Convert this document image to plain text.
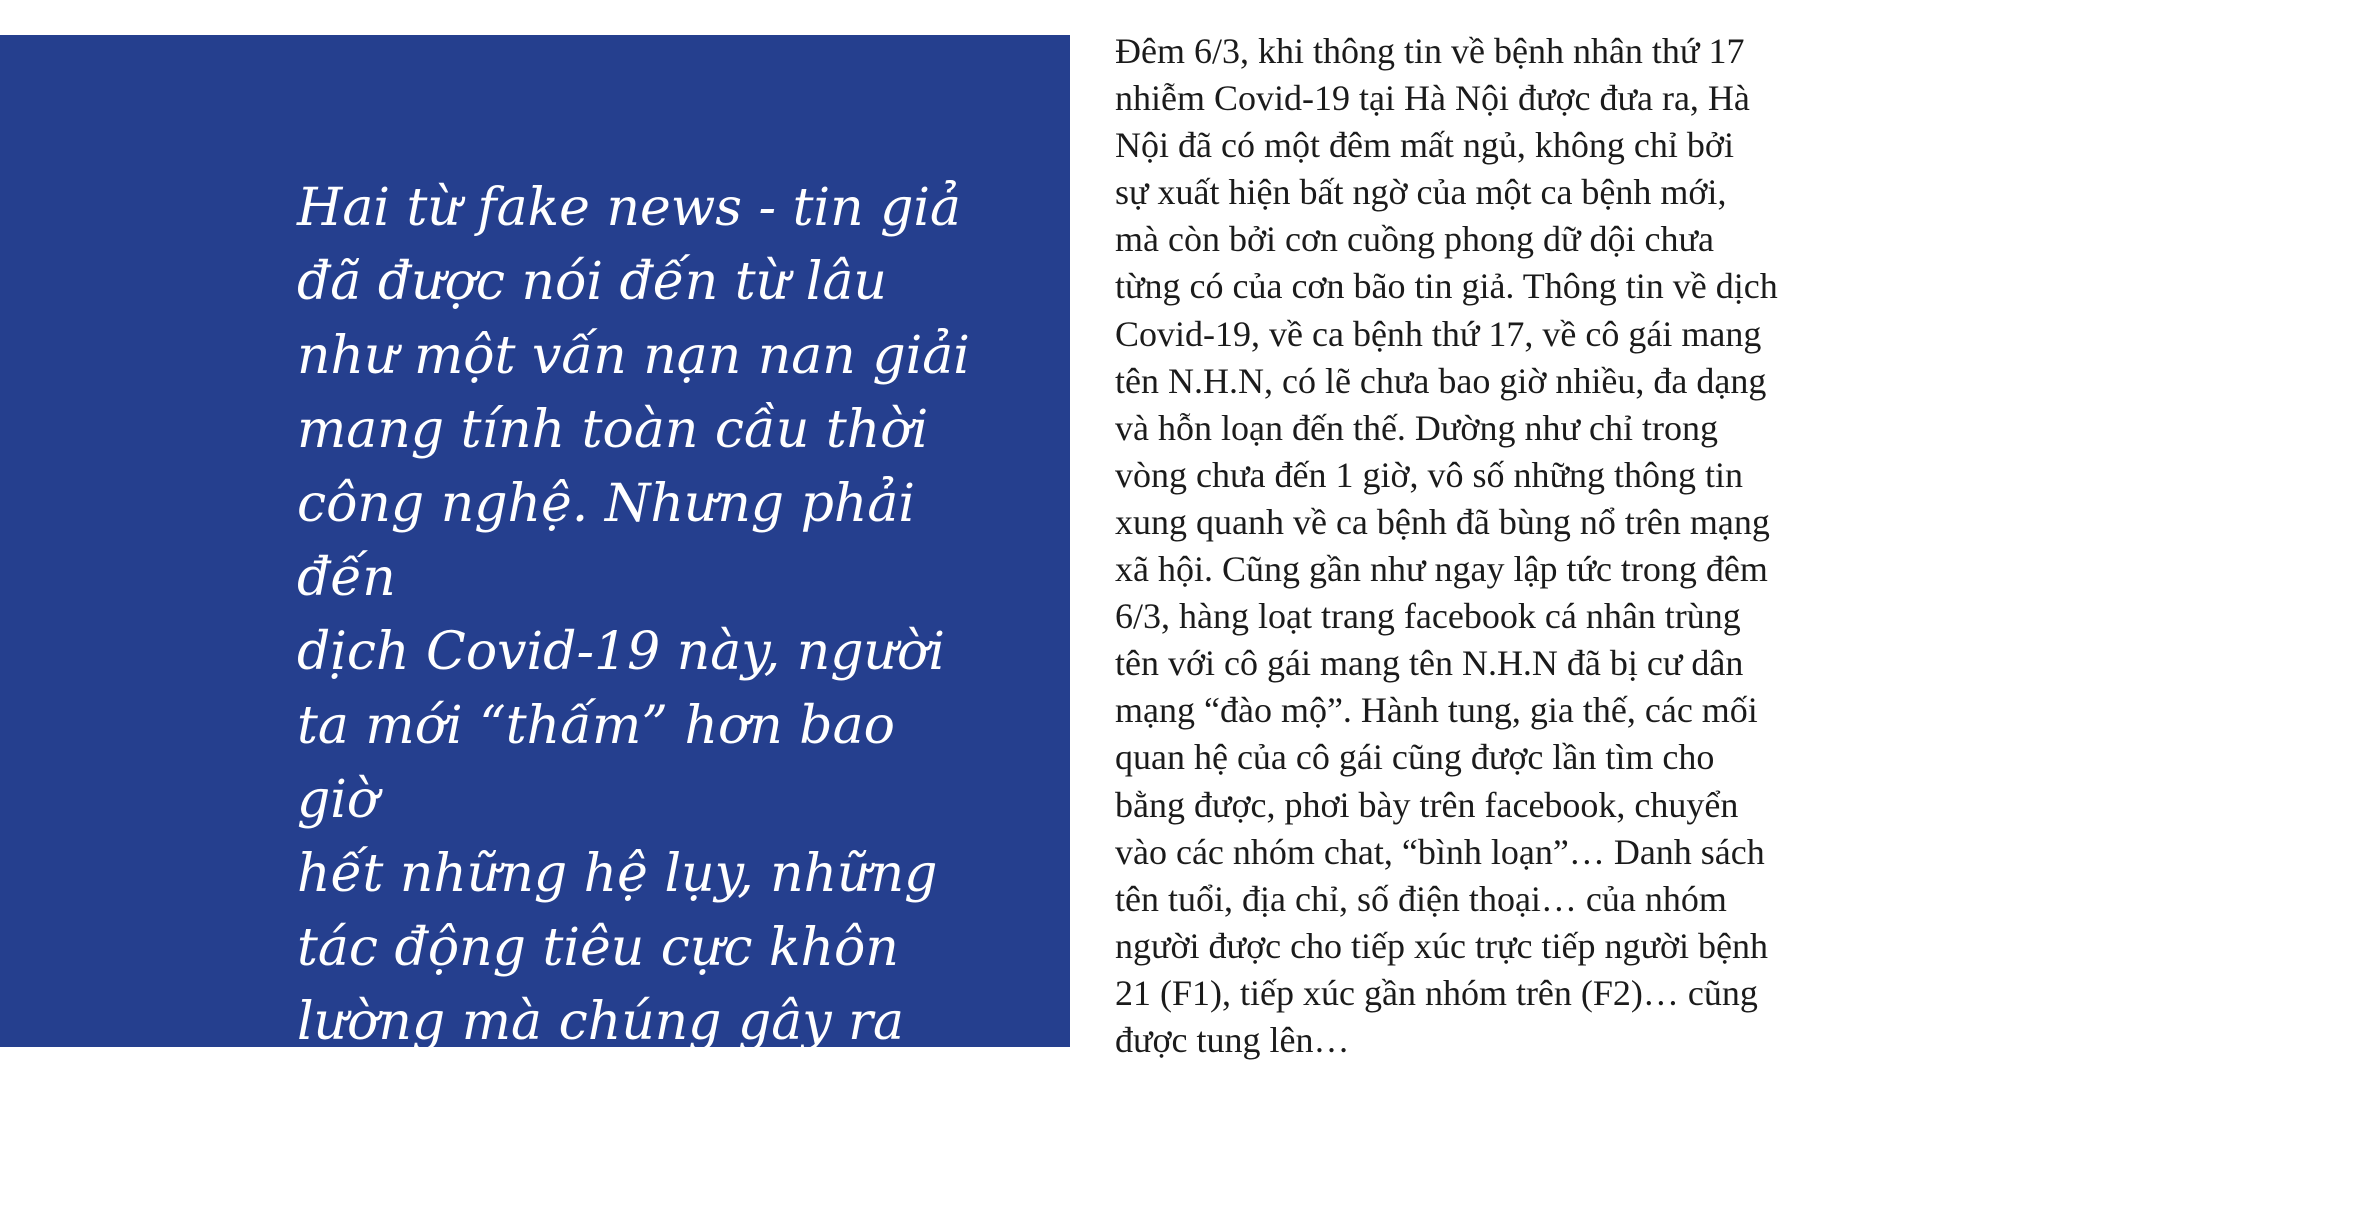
Hai từ fake news - tin giả
đã được nói đến từ lâu
như một vấn nạn nan giải
mang tính toàn cầu thời
công nghệ. Nhưng phải đến
dịch Covid-19 này, người
ta mới “thấm” hơn bao giờ
hết những hệ lụy, những
tác động tiêu cực khôn
lường mà chúng gây ra cho
đời sống con người.

Đêm 6/3, khi thông tin về bệnh nhân thứ 17
nhiễm Covid-19 tại Hà Nội được đưa ra, Hà
Nội đã có một đêm mất ngủ, không chỉ bởi
sự xuất hiện bất ngờ của một ca bệnh mới,
mà còn bởi cơn cuồng phong dữ dội chưa
từng có của cơn bão tin giả. Thông tin về dịch
Covid-19, về ca bệnh thứ 17, về cô gái mang
tên N.H.N, có lẽ chưa bao giờ nhiều, đa dạng
và hỗn loạn đến thế. Dường như chỉ trong
vòng chưa đến 1 giờ, vô số những thông tin
xung quanh về ca bệnh đã bùng nổ trên mạng
xã hội. Cũng gần như ngay lập tức trong đêm
6/3, hàng loạt trang facebook cá nhân trùng
tên với cô gái mang tên N.H.N đã bị cư dân
mạng “đào mộ”. Hành tung, gia thế, các mối
quan hệ của cô gái cũng được lần tìm cho
bằng được, phơi bày trên facebook, chuyển
vào các nhóm chat, “bình loạn”… Danh sách
tên tuổi, địa chỉ, số điện thoại… của nhóm
người được cho tiếp xúc trực tiếp người bệnh
21 (F1), tiếp xúc gần nhóm trên (F2)… cũng
được tung lên…
